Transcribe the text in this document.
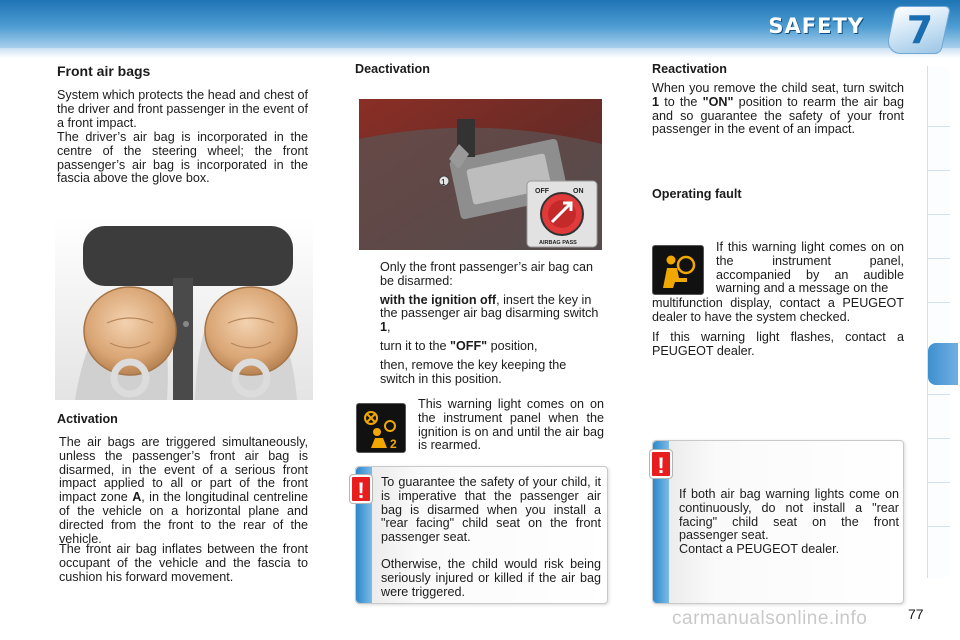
SAFETY 7
Front air bags
System which protects the head and chest of the driver and front passenger in the event of a front impact.
The driver’s air bag is incorporated in the centre of the steering wheel; the front passenger’s air bag is incorporated in the fascia above the glove box.
Activation
The air bags are triggered simultaneously, unless the passenger’s front air bag is disarmed, in the event of a serious front impact applied to all or part of the front impact zone A, in the longitudinal centreline of the vehicle on a horizontal plane and directed from the front to the rear of the vehicle.
The front air bag inflates between the front occupant of the vehicle and the fascia to cushion his forward movement.
Deactivation
1
OFF	ON
AIRBAG PASS
Only the front passenger’s air bag can be disarmed:
with the ignition off, insert the key in the passenger air bag disarming switch 1,
turn it to the "OFF" position,
then, remove the key keeping the switch in this position.
2
This warning light comes on on the instrument panel when the ignition is on and until the air bag is rearmed.
To guarantee the safety of your child, it is imperative that the passenger air bag is disarmed when you install a "rear facing" child seat on the front passenger seat.
Otherwise, the child would risk being seriously injured or killed if the air bag were triggered.
!
Reactivation
When you remove the child seat, turn switch 1 to the "ON" position to rearm the air bag and so guarantee the safety of your front passenger in the event of an impact.
Operating fault
If this warning light comes on on the instrument panel, accompanied by an audible warning and a message on the
multifunction display, contact a PEUGEOT dealer to have the system checked.
If this warning light flashes, contact a PEUGEOT dealer.
If both air bag warning lights come on continuously, do not install a "rear facing" child seat on the front passenger seat.
Contact a PEUGEOT dealer.
!
carmanualsonline.info	77
